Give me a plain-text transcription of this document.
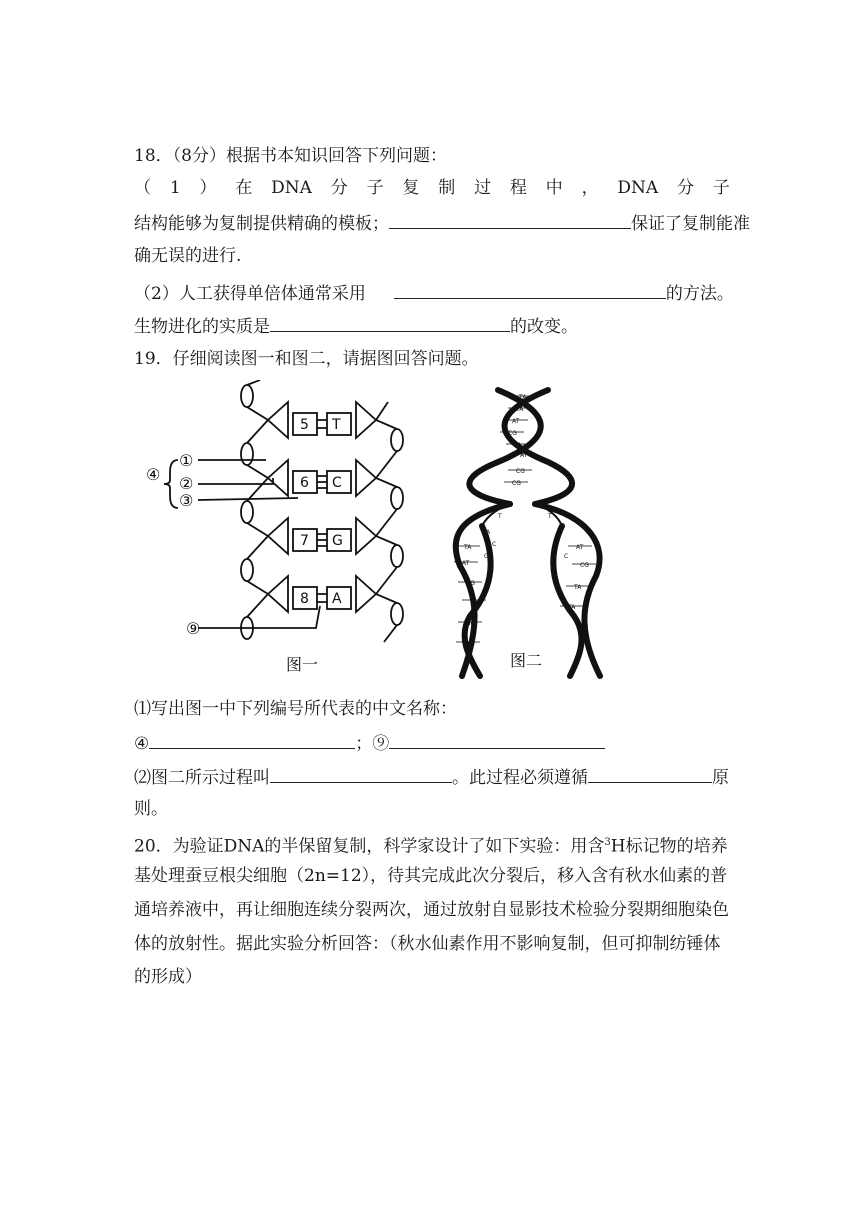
18．（8分）根据书本知识回答下列问题：
（ 1 ） 在 DNA 分 子 复 制 过 程 中 ， DNA 分 子
结构能够为复制提供精确的模板；	保证了复制能准
确无误的进行.
（2）人工获得单倍体通常采用	的方法。
生物进化的实质是	的改变。
19．仔细阅读图一和图二，请据图回答问题。
5 T
6 C
7 G
8 A
①
②
③
④
⑨
图一
TA
TA
AT
CG
TA
AT
CG
CG
TA
AT
CG
TA
GC
TA
AT
CG
TA
TA
T
A
C
G
T
A
G
C
图二
⑴写出图一中下列编号所代表的中文名称：
④	；⑨
⑵图二所示过程叫	。此过程必须遵循	原
则。
20．为验证DNA的半保留复制，科学家设计了如下实验：用含$^3$H标记物的培养
基处理蚕豆根尖细胞（2n=12），待其完成此次分裂后，移入含有秋水仙素的普
通培养液中，再让细胞连续分裂两次，通过放射自显影技术检验分裂期细胞染色
体的放射性。据此实验分析回答：（秋水仙素作用不影响复制，但可抑制纺锤体
的形成）
